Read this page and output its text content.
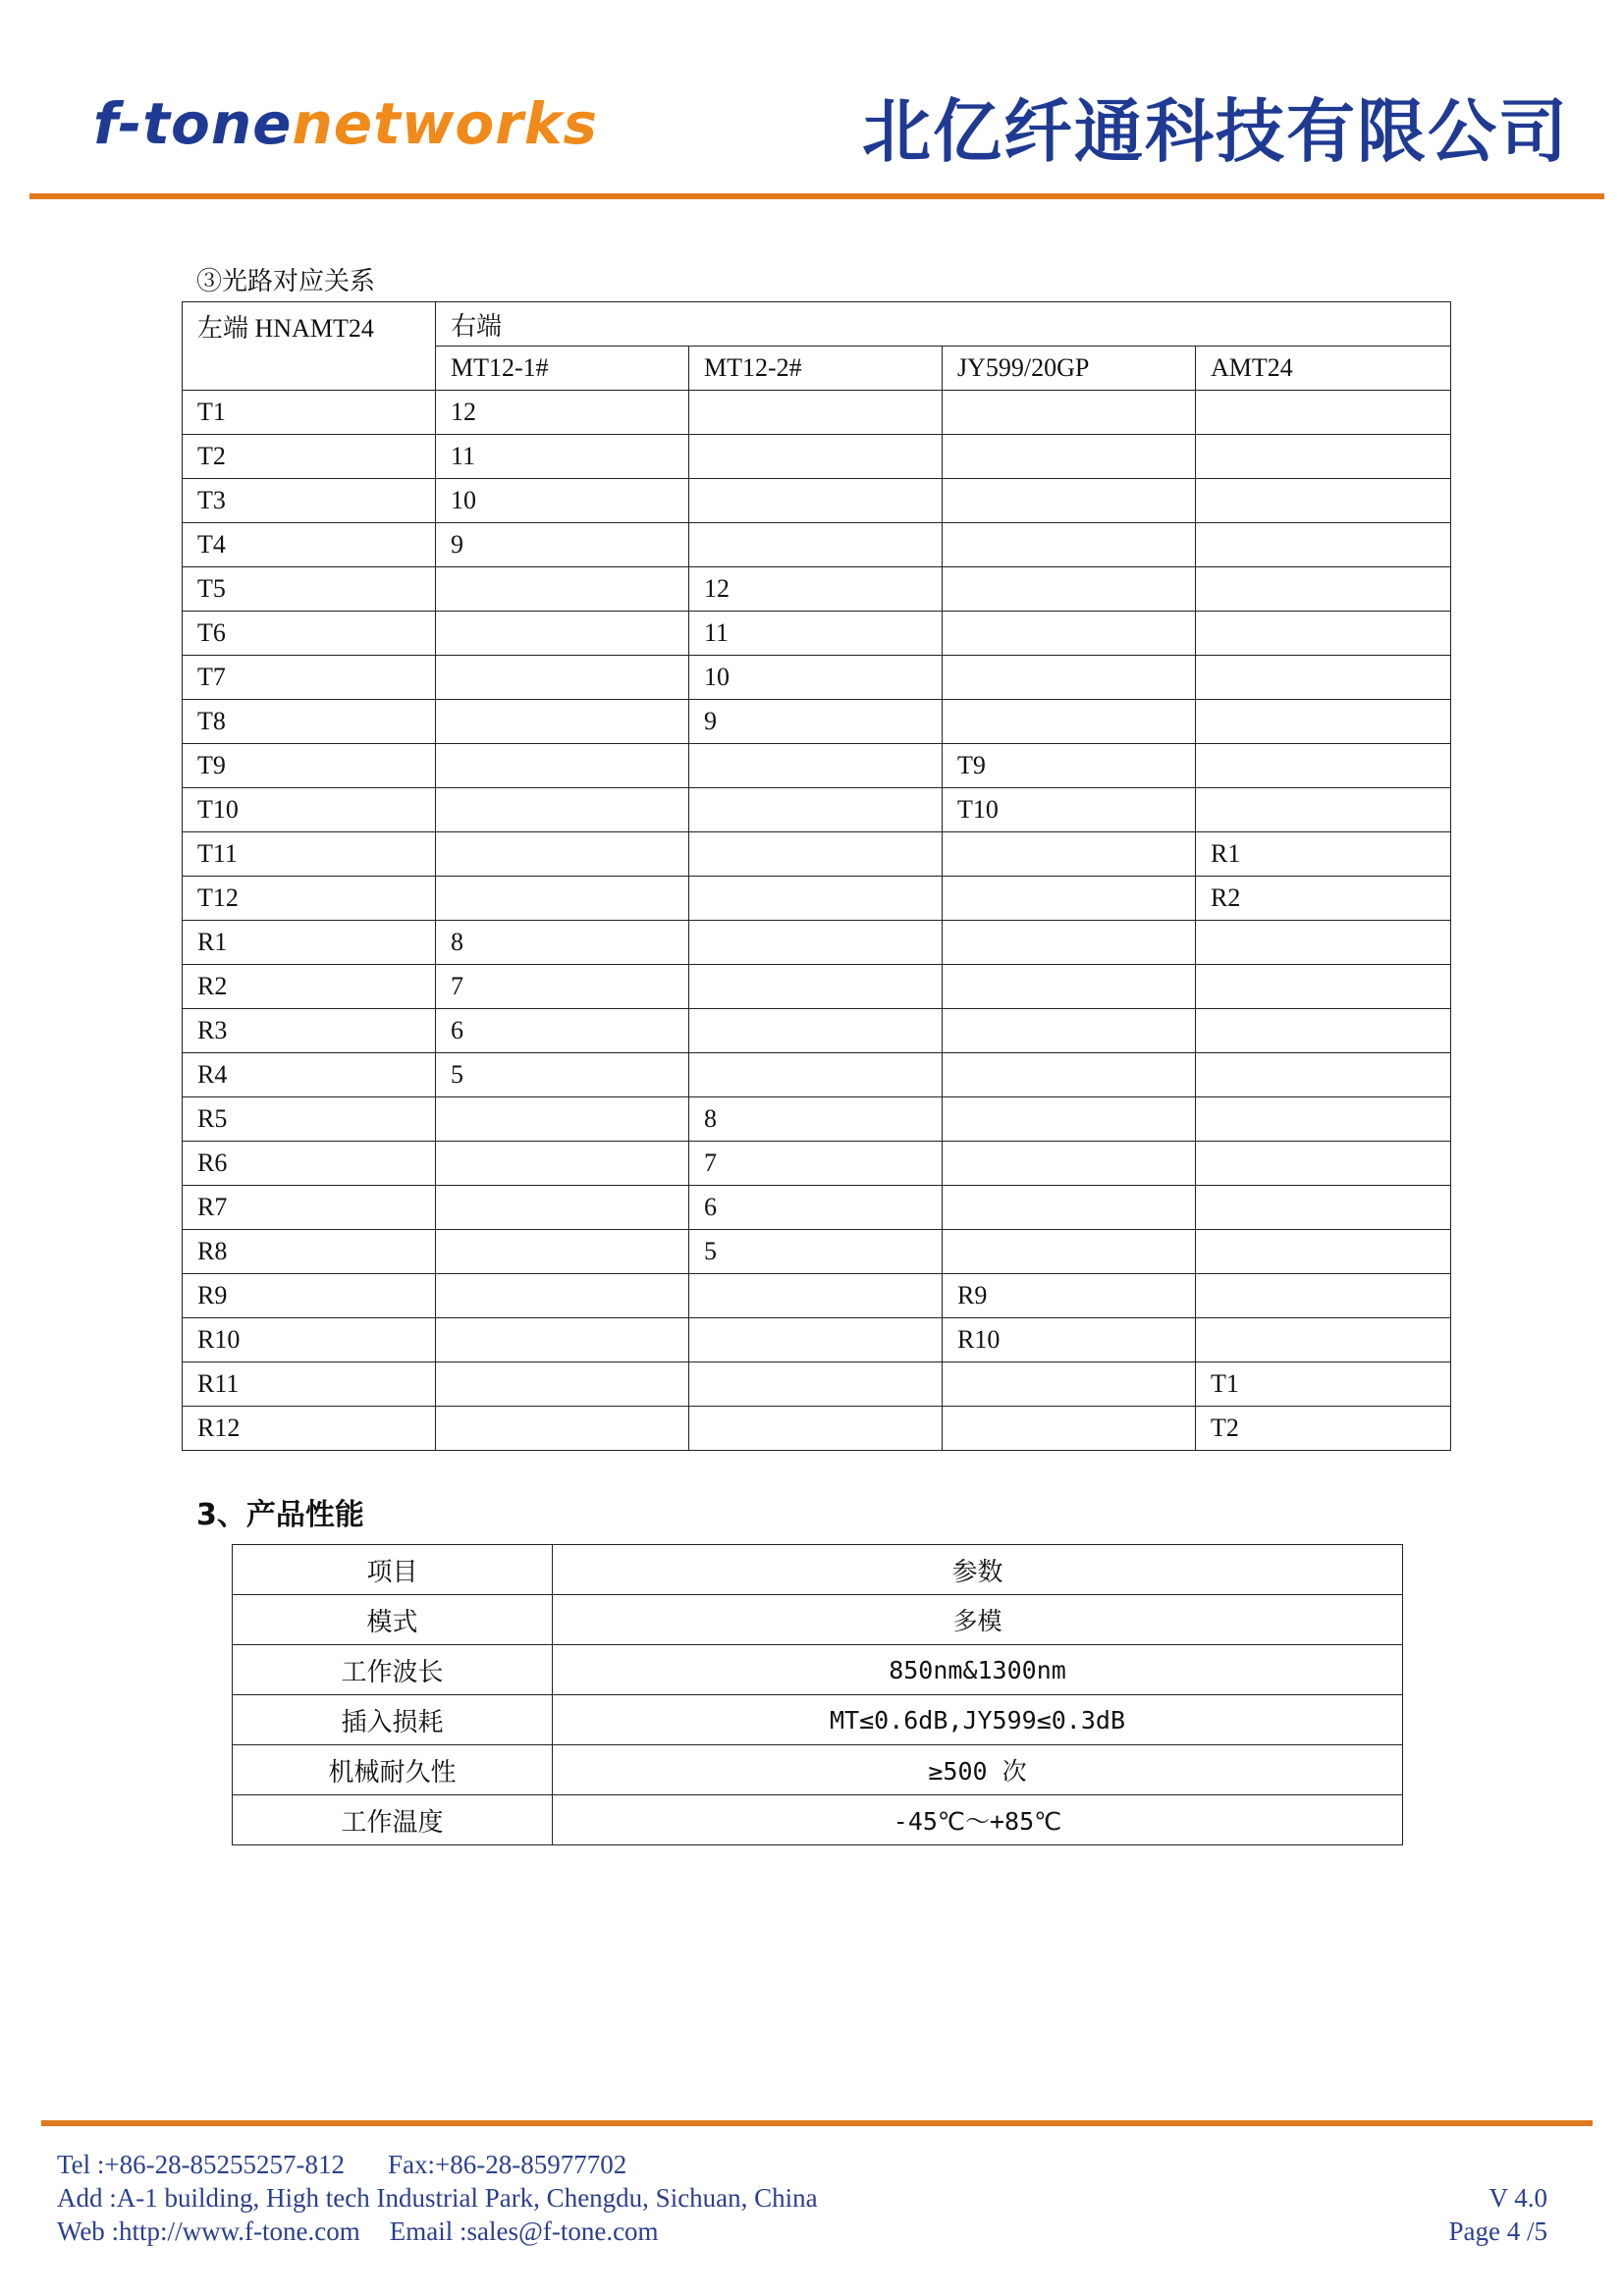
f-tonenetworks	北亿纤通科技有限公司
③光路对应关系
左端 HNAMT24	右端			
	MT12-1#	MT12-2#	JY599/20GP	AMT24
T1	12			
T2	11			
T3	10			
T4	9			
T5		12		
T6		11		
T7		10		
T8		9		
T9			T9	
T10			T10	
T11				R1
T12				R2
R1	8			
R2	7			
R3	6			
R4	5			
R5		8		
R6		7		
R7		6		
R8		5		
R9			R9	
R10			R10	
R11				T1
R12				T2
3、产品性能
项目	参数
模式	多模
工作波长	850nm&1300nm
插入损耗	MT≤0.6dB,JY599≤0.3dB
机械耐久性	≥500 次
工作温度	-45℃～+85℃
Tel :+86-28-85255257-812 Fax:+86-28-85977702
Add :A-1 building, High tech Industrial Park, Chengdu, Sichuan, China
Web :http://www.f-tone.com Email :sales@f-tone.com
V 4.0
Page 4 /5
